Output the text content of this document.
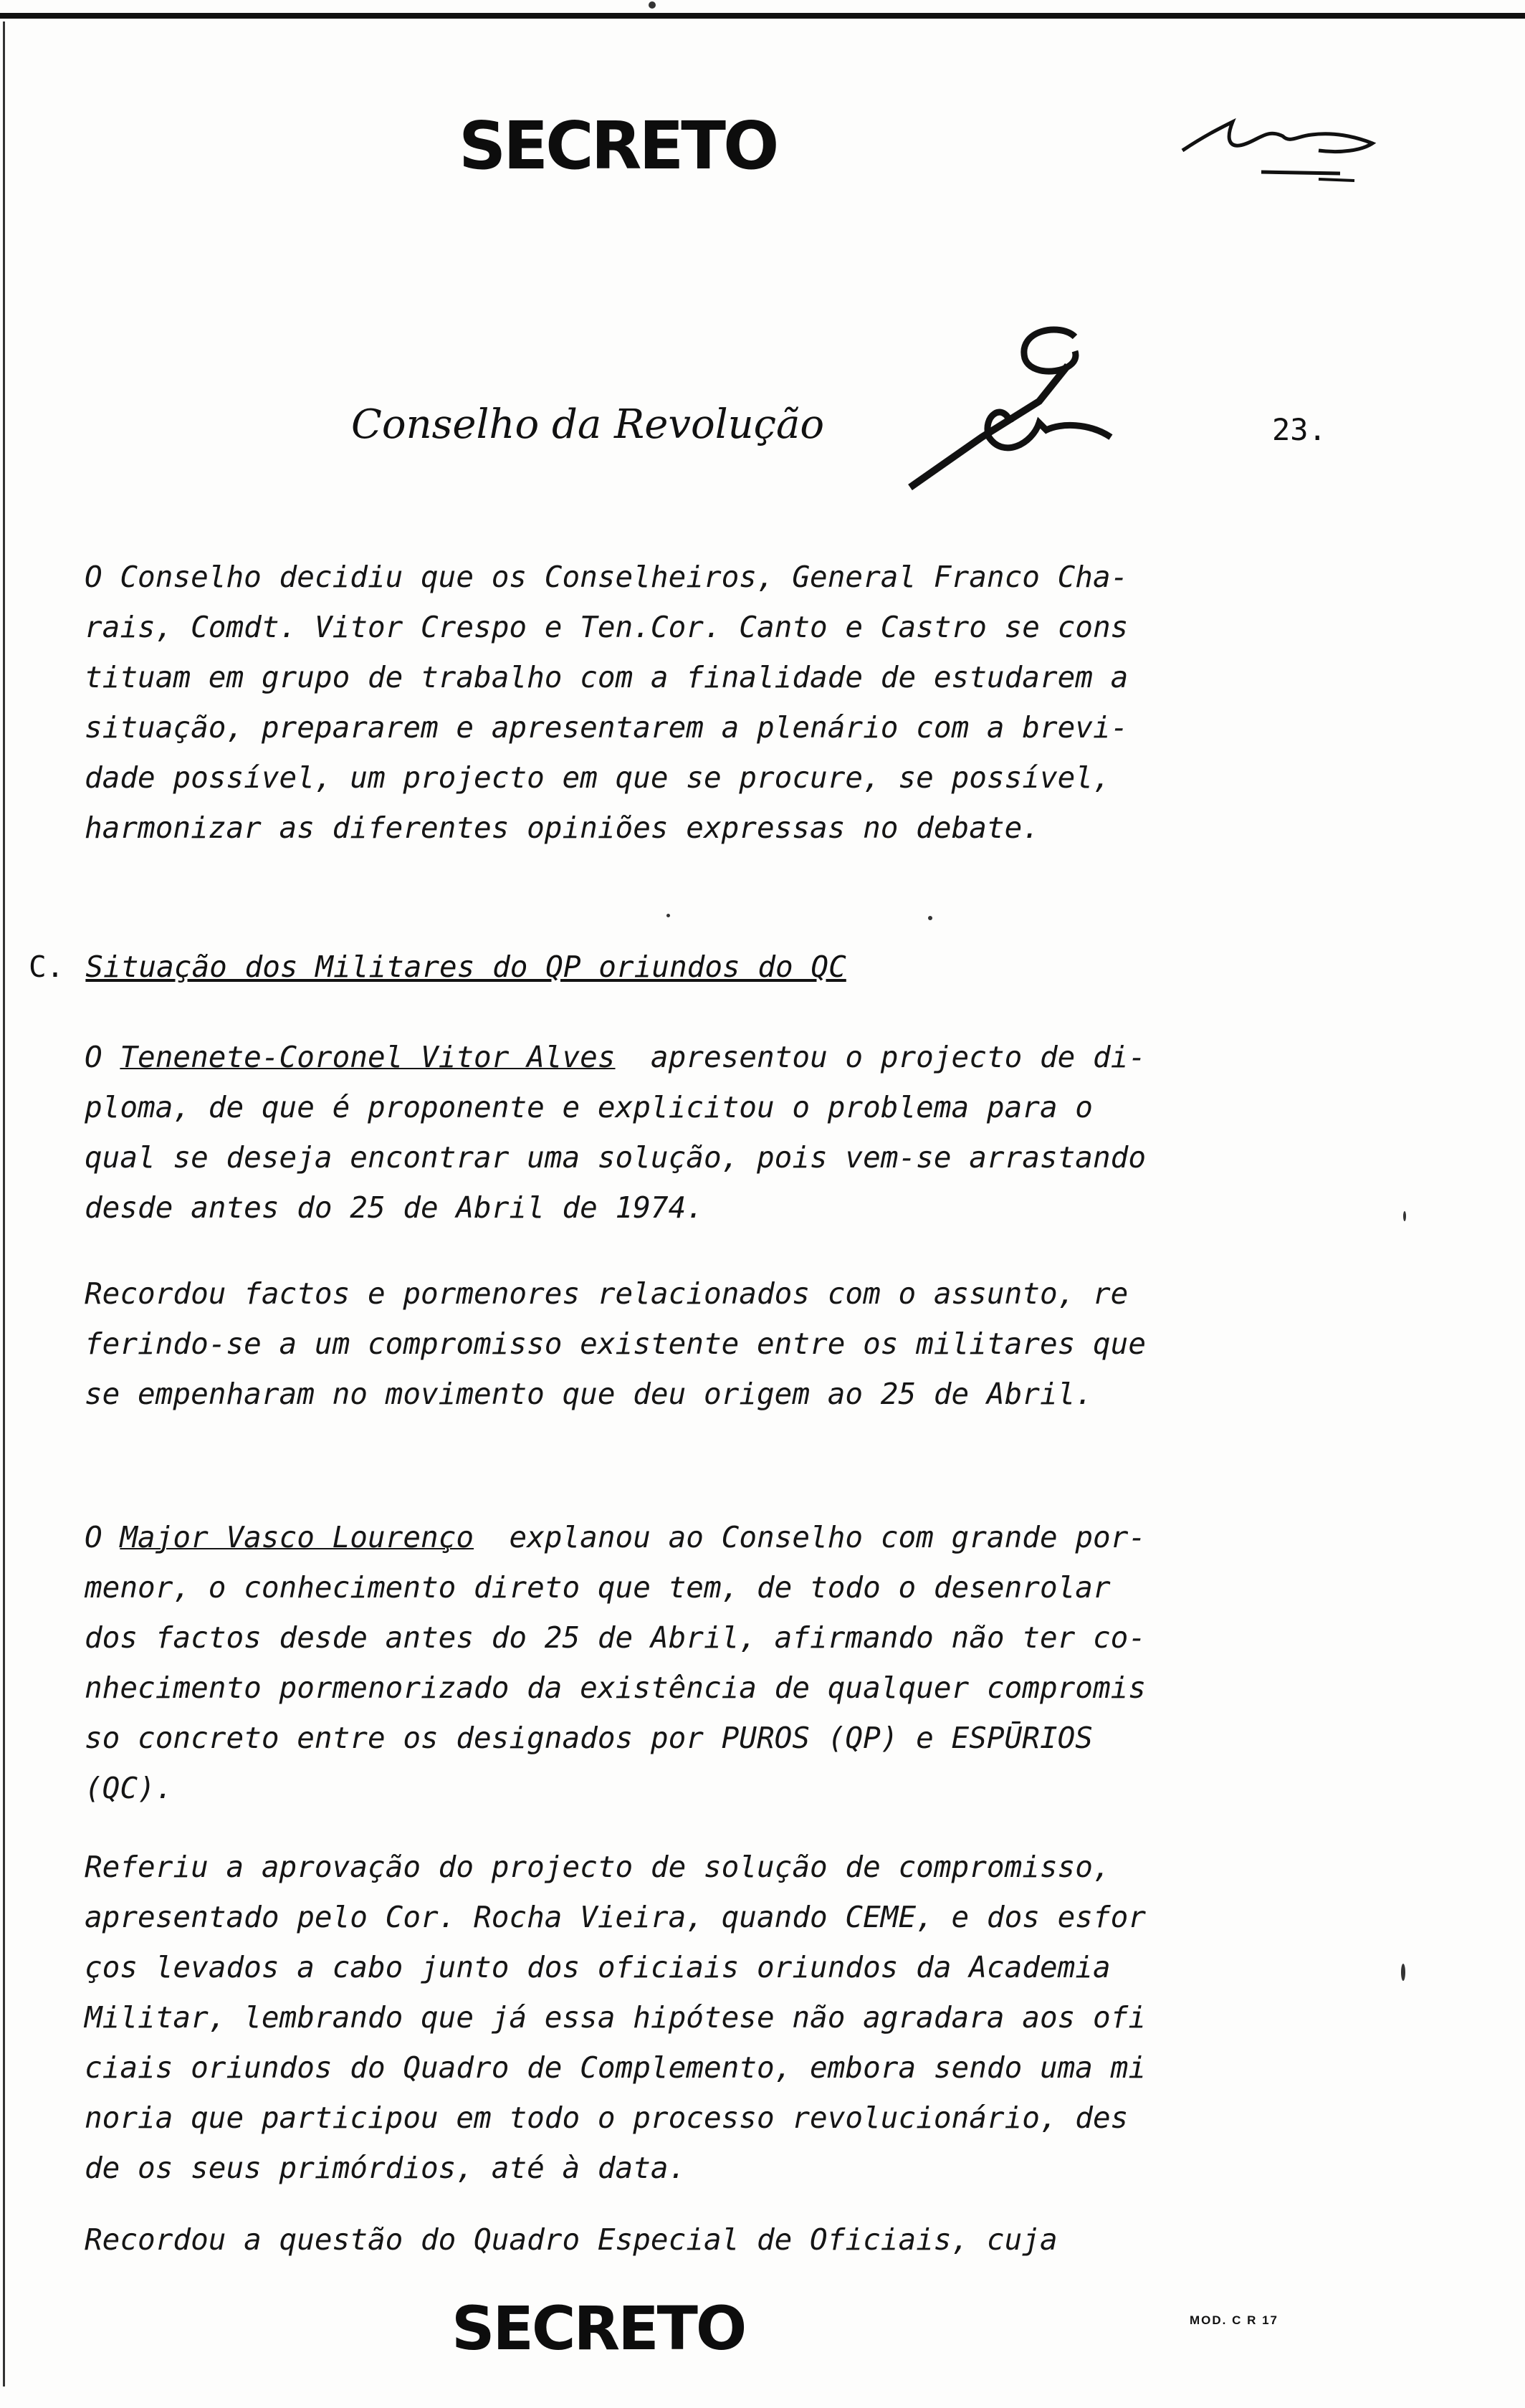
SECRETO
Conselho da Revolução	23.
O Conselho decidiu que os Conselheiros, General Franco Cha-
rais, Comdt. Vitor Crespo e Ten.Cor. Canto e Castro se cons
tituam em grupo de trabalho com a finalidade de estudarem a
situação, prepararem e apresentarem a plenário com a brevi-
dade possível, um projecto em que se procure, se possível,
harmonizar as diferentes opiniões expressas no debate.
C. Situação dos Militares do QP oriundos do QC
O Tenenete-Coronel Vitor Alves apresentou o projecto de di-
ploma, de que é proponente e explicitou o problema para o
qual se deseja encontrar uma solução, pois vem-se arrastando
desde antes do 25 de Abril de 1974.
Recordou factos e pormenores relacionados com o assunto, re
ferindo-se a um compromisso existente entre os militares que
se empenharam no movimento que deu origem ao 25 de Abril.
O Major Vasco Lourenço explanou ao Conselho com grande por-
menor, o conhecimento direto que tem, de todo o desenrolar
dos factos desde antes do 25 de Abril, afirmando não ter co-
nhecimento pormenorizado da existência de qualquer compromis
so concreto entre os designados por PUROS (QP) e ESPŪRIOS
(QC).
Referiu a aprovação do projecto de solução de compromisso,
apresentado pelo Cor. Rocha Vieira, quando CEME, e dos esfor
ços levados a cabo junto dos oficiais oriundos da Academia
Militar, lembrando que já essa hipótese não agradara aos ofi
ciais oriundos do Quadro de Complemento, embora sendo uma mi
noria que participou em todo o processo revolucionário, des
de os seus primórdios, até à data.
Recordou a questão do Quadro Especial de Oficiais, cuja
SECRETO	MOD. C R 17
